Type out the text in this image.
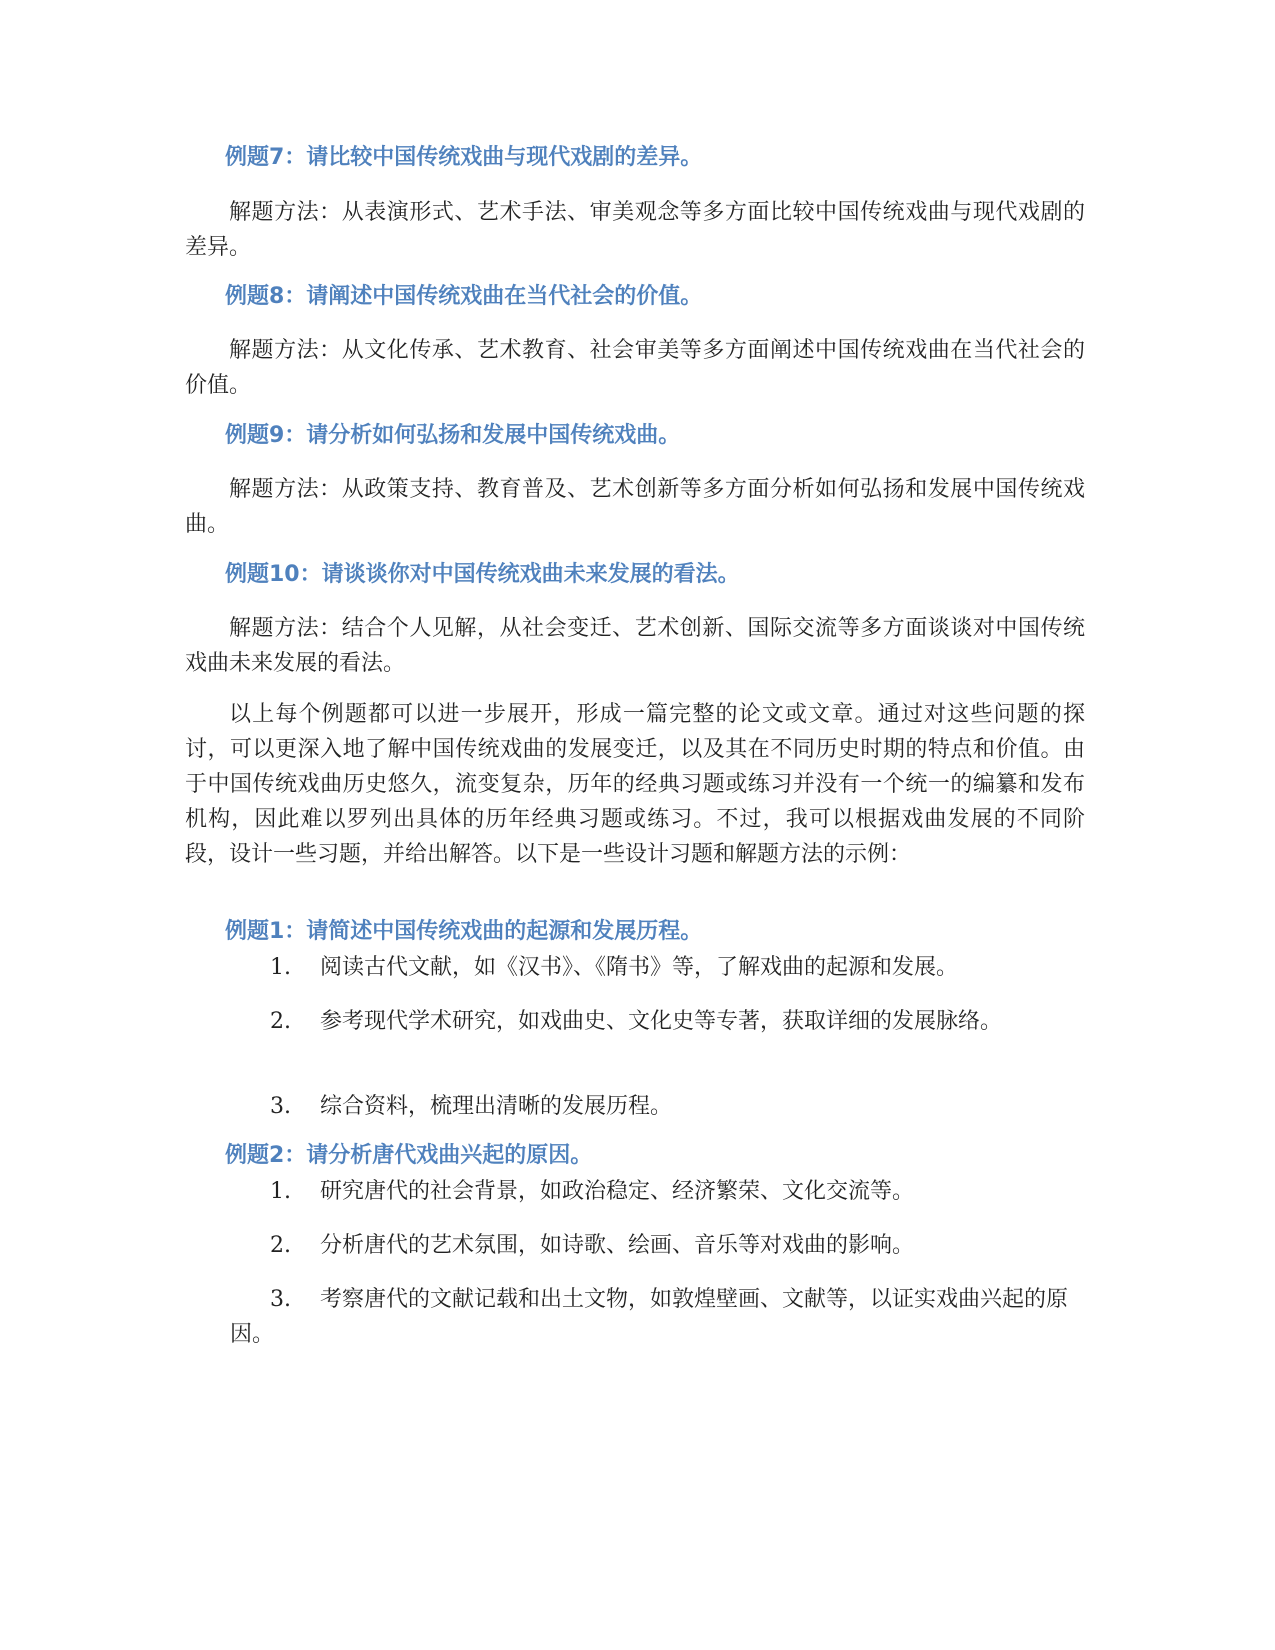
例题7：请比较中国传统戏曲与现代戏剧的差异。
解题方法：从表演形式、艺术手法、审美观念等多方面比较中国传统戏曲与现代戏剧的差异。
例题8：请阐述中国传统戏曲在当代社会的价值。
解题方法：从文化传承、艺术教育、社会审美等多方面阐述中国传统戏曲在当代社会的价值。
例题9：请分析如何弘扬和发展中国传统戏曲。
解题方法：从政策支持、教育普及、艺术创新等多方面分析如何弘扬和发展中国传统戏曲。
例题10：请谈谈你对中国传统戏曲未来发展的看法。
解题方法：结合个人见解，从社会变迁、艺术创新、国际交流等多方面谈谈对中国传统戏曲未来发展的看法。
以上每个例题都可以进一步展开，形成一篇完整的论文或文章。通过对这些问题的探讨，可以更深入地了解中国传统戏曲的发展变迁，以及其在不同历史时期的特点和价值。由于中国传统戏曲历史悠久，流变复杂，历年的经典习题或练习并没有一个统一的编纂和发布机构，因此难以罗列出具体的历年经典习题或练习。不过，我可以根据戏曲发展的不同阶段，设计一些习题，并给出解答。以下是一些设计习题和解题方法的示例：
例题1：请简述中国传统戏曲的起源和发展历程。
1. 阅读古代文献，如《汉书》、《隋书》等，了解戏曲的起源和发展。
2. 参考现代学术研究，如戏曲史、文化史等专著，获取详细的发展脉络。
3. 综合资料，梳理出清晰的发展历程。
例题2：请分析唐代戏曲兴起的原因。
1. 研究唐代的社会背景，如政治稳定、经济繁荣、文化交流等。
2. 分析唐代的艺术氛围，如诗歌、绘画、音乐等对戏曲的影响。
3. 考察唐代的文献记载和出土文物，如敦煌壁画、文献等，以证实戏曲兴起的原因。
